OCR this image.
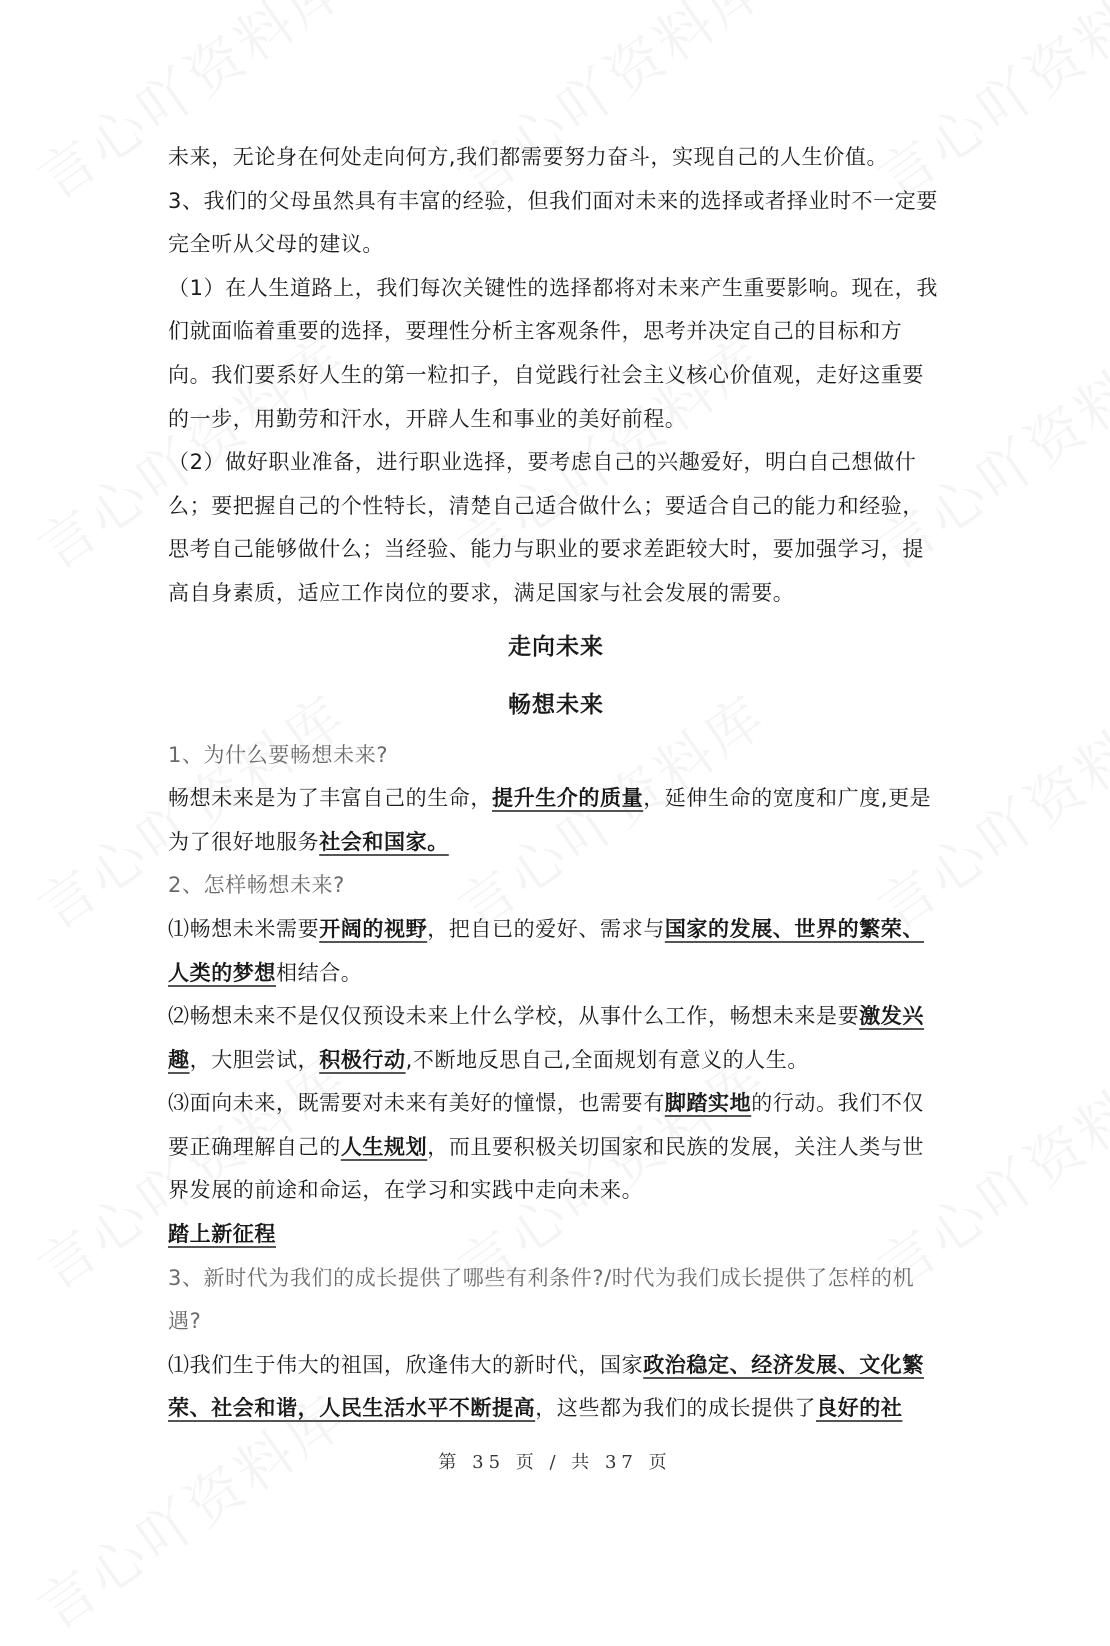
未来，无论身在何处走向何方,我们都需要努力奋斗，实现自己的人生价值。

3、我们的父母虽然具有丰富的经验，但我们面对未来的选择或者择业时不一定要完全听从父母的建议。

（1）在人生道路上，我们每次关键性的选择都将对未来产生重要影响。现在，我们就面临着重要的选择，要理性分析主客观条件，思考并决定自己的目标和方向。我们要系好人生的第一粒扣子，自觉践行社会主义核心价值观，走好这重要的一步，用勤劳和汗水，开辟人生和事业的美好前程。

（2）做好职业准备，进行职业选择，要考虑自己的兴趣爱好，明白自己想做什么；要把握自己的个性特长，清楚自己适合做什么；要适合自己的能力和经验，思考自己能够做什么；当经验、能力与职业的要求差距较大时，要加强学习，提高自身素质，适应工作岗位的要求，满足国家与社会发展的需要。

走向未来
畅想未来

1、为什么要畅想未来?

畅想未来是为了丰富自己的生命，提升生介的质量，延伸生命的宽度和广度,更是为了很好地服务社会和国家。

2、怎样畅想未来?

⑴畅想未米需要开阔的视野，把自已的爱好、需求与国家的发展、世界的繁荣、人类的梦想相结合。

⑵畅想未来不是仅仅预设未来上什么学校，从事什么工作，畅想未来是要激发兴趣，大胆尝试，积极行动,不断地反思自己,全面规划有意义的人生。

⑶面向未来，既需要对未来有美好的憧憬，也需要有脚踏实地的行动。我们不仅要正确理解自己的人生规划，而且要积极关切国家和民族的发展，关注人类与世界发展的前途和命运，在学习和实践中走向未来。

踏上新征程

3、新时代为我们的成长提供了哪些有利条件?/时代为我们成长提供了怎样的机遇?

⑴我们生于伟大的祖国，欣逢伟大的新时代，国家政治稳定、经济发展、文化繁荣、社会和谐，人民生活水平不断提高，这些都为我们的成长提供了良好的社

第 35 页 / 共 37 页
